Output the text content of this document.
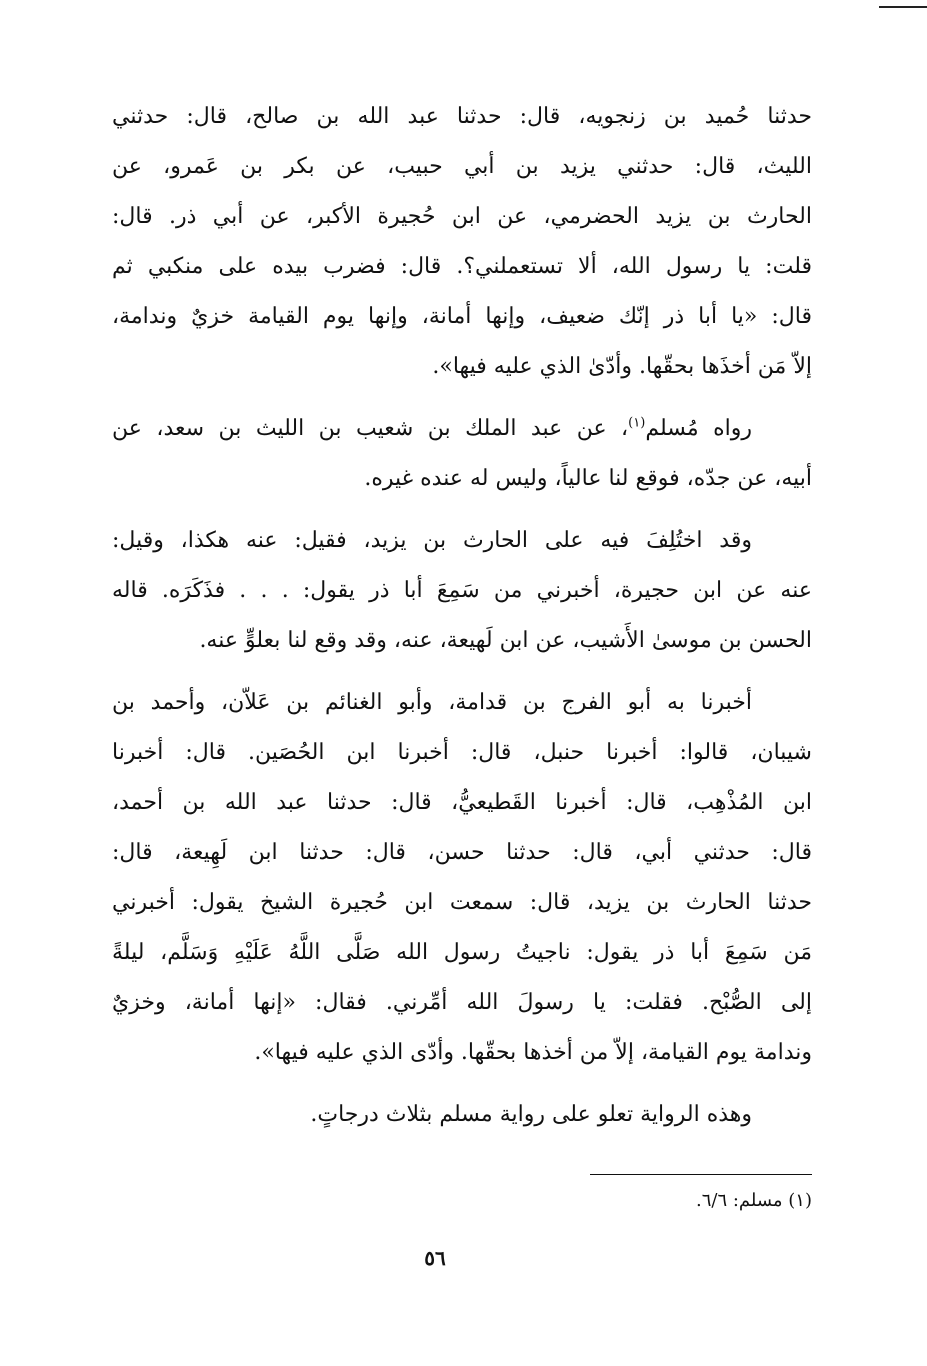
حدثنا حُميد بن زنجويه، قال: حدثنا عبد الله بن صالح، قال: حدثني
الليث، قال: حدثني يزيد بن أبي حبيب، عن بكر بن عَمرو، عن
الحارث بن يزيد الحضرمي، عن ابن حُجيرة الأكبر، عن أبي ذر. قال:
قلت: يا رسول الله، ألا تستعملني؟. قال: فضرب بيده على منكبي ثم
قال: «يا أبا ذر إنّك ضعيف، وإنها أمانة، وإنها يوم القيامة خزيٌ وندامة،
إلاّ مَن أخذَها بحقّها. وأدّىٰ الذي عليه فيها».
رواه مُسلم$^{(١)}$، عن عبد الملك بن شعيب بن الليث بن سعد، عن
أبيه، عن جدّه، فوقع لنا عالياً، وليس له عنده غيره.
وقد اختُلِفَ فيه على الحارث بن يزيد، فقيل: عنه هكذا، وقيل:
عنه عن ابن حجيرة، أخبرني من سَمِعَ أبا ذر يقول: . . . فذَكَرَه. قاله
الحسن بن موسىٰ الأَشيب، عن ابن لَهيعة، عنه، وقد وقع لنا بعلوٍّ عنه.
أخبرنا به أبو الفرج بن قدامة، وأبو الغنائم بن عَلاّن، وأحمد بن
شيبان، قالوا: أخبرنا حنبل، قال: أخبرنا ابن الحُصَين. قال: أخبرنا
ابن المُذْهِب، قال: أخبرنا القَطيعيُّ، قال: حدثنا عبد الله بن أحمد،
قال: حدثني أبي، قال: حدثنا حسن، قال: حدثنا ابن لَهِيعة، قال:
حدثنا الحارث بن يزيد، قال: سمعت ابن حُجيرة الشيخ يقول: أخبرني
مَن سَمِعَ أبا ذر يقول: ناجيتُ رسول الله صَلَّى اللَّهُ عَلَيْهِ وَسَلَّم، ليلةً
إلى الصُّبْح. فقلت: يا رسولَ الله أمِّرني. فقال: «إنها أمانة، وخزيٌ
وندامة يوم القيامة، إلاّ من أخذها بحقّها. وأدّى الذي عليه فيها».
وهذه الرواية تعلو على رواية مسلم بثلاث درجاتٍ.
(١) مسلم: ٦/٦.
٥٦
